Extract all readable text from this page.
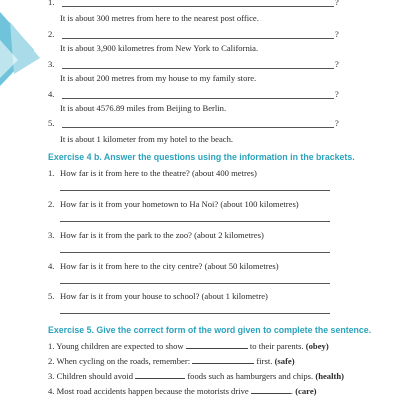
1.	?
It is about 300 metres from here to the nearest post office.
2.	?
It is about 3,900 kilometres from New York to California.
3.	?
It is about 200 metres from my house to my family store.
4.	?
It is about 4576.89 miles from Beijing to Berlin.
5.	?
It is about 1 kilometer from my hotel to the beach.
Exercise 4 b. Answer the questions using the information in the brackets.
1. How far is it from here to the theatre? (about 400 metres)
2. How far is it from your hometown to Ha Noi? (about 100 kilometres)
3. How far is it from the park to the zoo? (about 2 kilometres)
4. How far is it from here to the city centre? (about 50 kilometres)
5. How far is it from your house to school? (about 1 kilometre)
Exercise 5. Give the correct form of the word given to complete the sentence.
1. Young children are expected to show	to their parents. (obey)
2. When cycling on the roads, remember:	first. (safe)
3. Children should avoid	foods such as hamburgers and chips. (health)
4. Most road accidents happen because the motorists drive	. (care)
